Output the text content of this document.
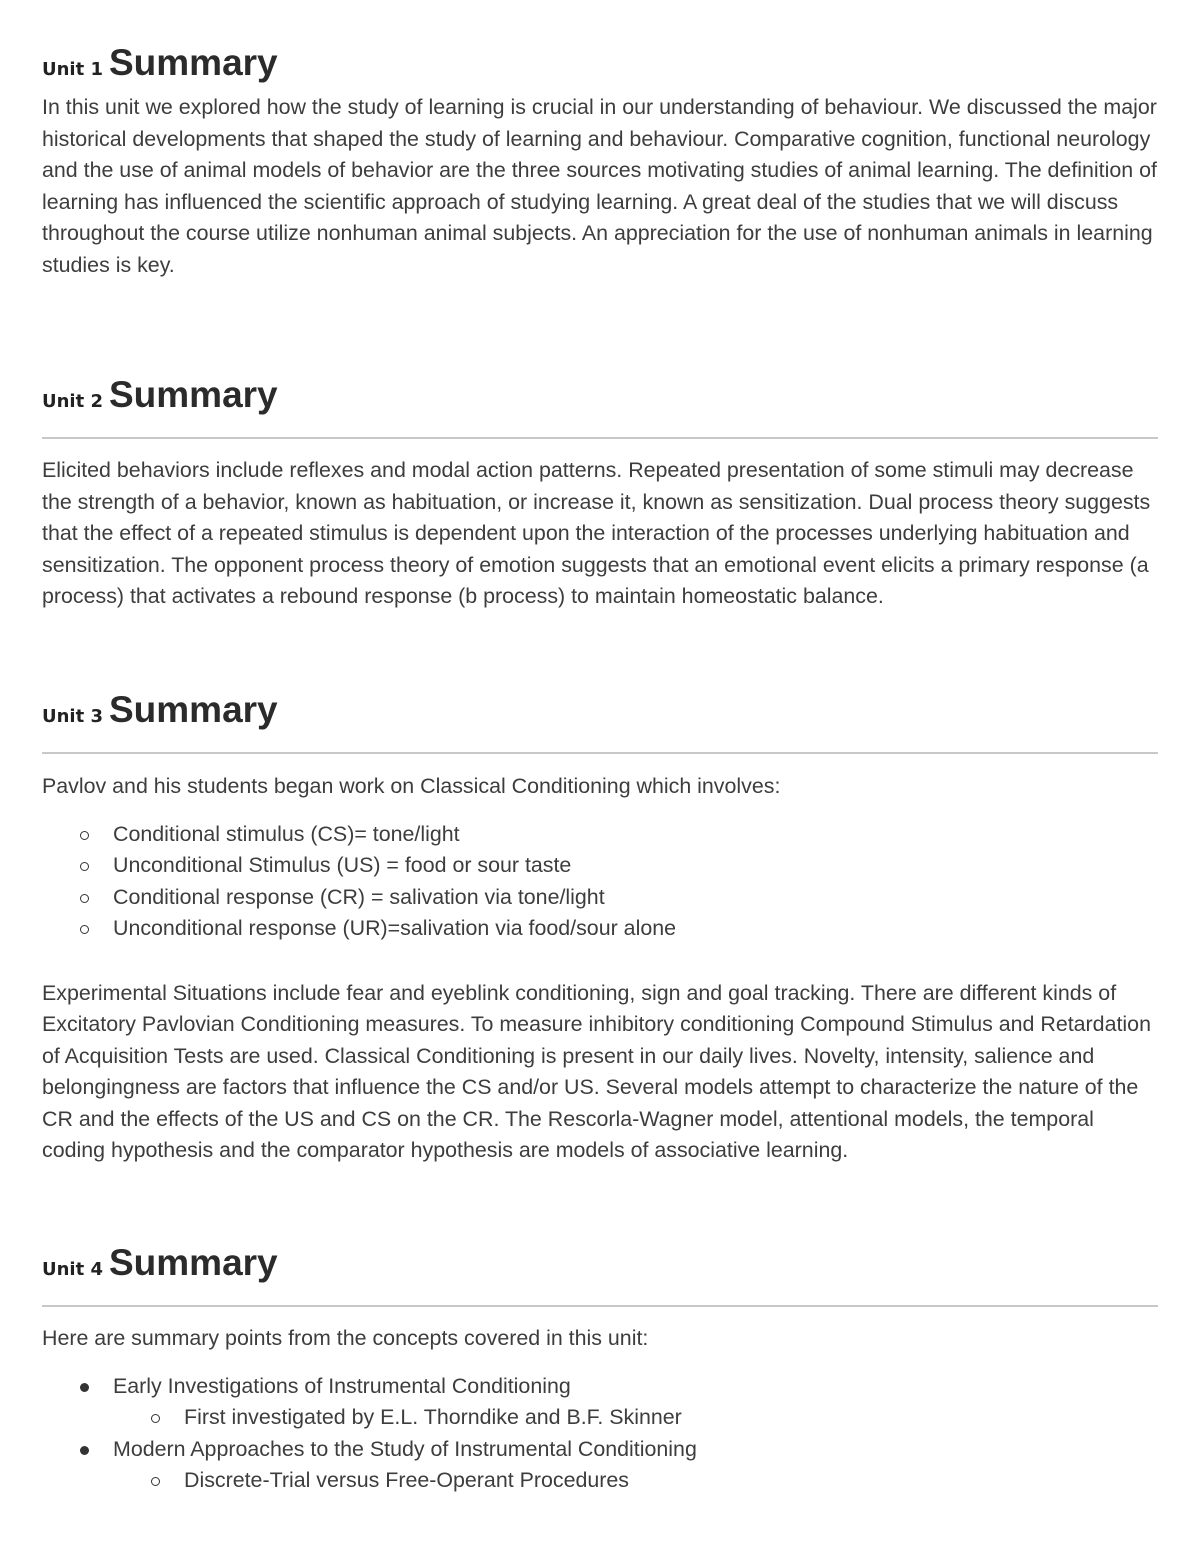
Unit 1 Summary

In this unit we explored how the study of learning is crucial in our understanding of behaviour. We discussed the major historical developments that shaped the study of learning and behaviour. Comparative cognition, functional neurology and the use of animal models of behavior are the three sources motivating studies of animal learning. The definition of learning has influenced the scientific approach of studying learning. A great deal of the studies that we will discuss throughout the course utilize nonhuman animal subjects. An appreciation for the use of nonhuman animals in learning studies is key.

Unit 2 Summary

Elicited behaviors include reflexes and modal action patterns. Repeated presentation of some stimuli may decrease the strength of a behavior, known as habituation, or increase it, known as sensitization. Dual process theory suggests that the effect of a repeated stimulus is dependent upon the interaction of the processes underlying habituation and sensitization. The opponent process theory of emotion suggests that an emotional event elicits a primary response (a process) that activates a rebound response (b process) to maintain homeostatic balance.

Unit 3 Summary

Pavlov and his students began work on Classical Conditioning which involves:

Conditional stimulus (CS)= tone/light
Unconditional Stimulus (US) = food or sour taste
Conditional response (CR) = salivation via tone/light
Unconditional response (UR)=salivation via food/sour alone

Experimental Situations include fear and eyeblink conditioning, sign and goal tracking. There are different kinds of Excitatory Pavlovian Conditioning measures. To measure inhibitory conditioning Compound Stimulus and Retardation of Acquisition Tests are used. Classical Conditioning is present in our daily lives. Novelty, intensity, salience and belongingness are factors that influence the CS and/or US. Several models attempt to characterize the nature of the CR and the effects of the US and CS on the CR. The Rescorla-Wagner model, attentional models, the temporal coding hypothesis and the comparator hypothesis are models of associative learning.

Unit 4 Summary

Here are summary points from the concepts covered in this unit:

Early Investigations of Instrumental Conditioning
First investigated by E.L. Thorndike and B.F. Skinner
Modern Approaches to the Study of Instrumental Conditioning
Discrete-Trial versus Free-Operant Procedures
